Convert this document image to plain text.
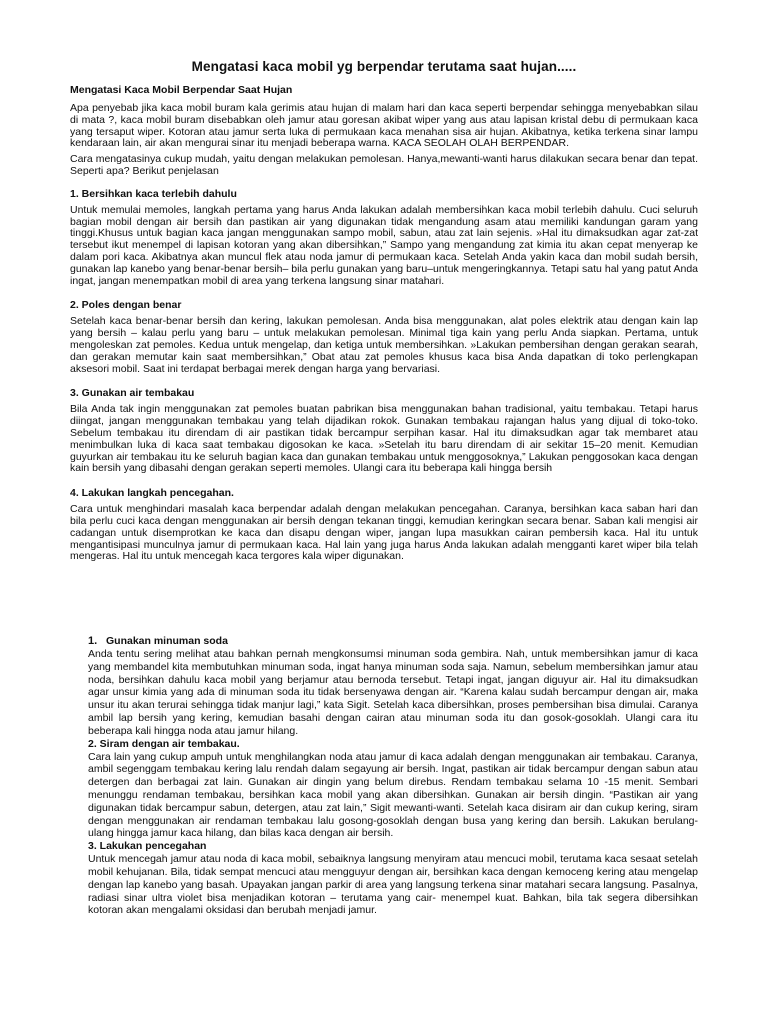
Mengatasi kaca mobil yg berpendar terutama saat hujan.....

Mengatasi Kaca Mobil Berpendar Saat Hujan

Apa penyebab jika kaca mobil buram kala gerimis atau hujan di malam hari dan kaca seperti berpendar sehingga menyebabkan silau di mata ?, kaca mobil buram disebabkan oleh jamur atau goresan akibat wiper yang aus atau lapisan kristal debu di permukaan kaca yang tersaput wiper. Kotoran atau jamur serta luka di permukaan kaca menahan sisa air hujan. Akibatnya, ketika terkena sinar lampu kendaraan lain, air akan mengurai sinar itu menjadi beberapa warna. KACA SEOLAH OLAH BERPENDAR.

Cara mengatasinya cukup mudah, yaitu dengan melakukan pemolesan. Hanya,mewanti-wanti harus dilakukan secara benar dan tepat. Seperti apa? Berikut penjelasan

1. Bersihkan kaca terlebih dahulu

Untuk memulai memoles, langkah pertama yang harus Anda lakukan adalah membersihkan kaca mobil terlebih dahulu. Cuci seluruh bagian mobil dengan air bersih dan pastikan air yang digunakan tidak mengandung asam atau memiliki kandungan garam yang tinggi.Khusus untuk bagian kaca jangan menggunakan sampo mobil, sabun, atau zat lain sejenis. »Hal itu dimaksudkan agar zat-zat tersebut ikut menempel di lapisan kotoran yang akan dibersihkan,” Sampo yang mengandung zat kimia itu akan cepat menyerap ke dalam pori kaca. Akibatnya akan muncul flek atau noda jamur di permukaan kaca. Setelah Anda yakin kaca dan mobil sudah bersih, gunakan lap kanebo yang benar-benar bersih– bila perlu gunakan yang baru–untuk mengeringkannya. Tetapi satu hal yang patut Anda ingat, jangan menempatkan mobil di area yang terkena langsung sinar matahari.

2. Poles dengan benar

Setelah kaca benar-benar bersih dan kering, lakukan pemolesan. Anda bisa menggunakan, alat poles elektrik atau dengan kain lap yang bersih – kalau perlu yang baru – untuk melakukan pemolesan. Minimal tiga kain yang perlu Anda siapkan. Pertama, untuk mengoleskan zat pemoles. Kedua untuk mengelap, dan ketiga untuk membersihkan. »Lakukan pembersihan dengan gerakan searah, dan gerakan memutar kain saat membersihkan,” Obat atau zat pemoles khusus kaca bisa Anda dapatkan di toko perlengkapan aksesori mobil. Saat ini terdapat berbagai merek dengan harga yang bervariasi.

3. Gunakan air tembakau

Bila Anda tak ingin menggunakan zat pemoles buatan pabrikan bisa menggunakan bahan tradisional, yaitu tembakau. Tetapi harus diingat, jangan menggunakan tembakau yang telah dijadikan rokok. Gunakan tembakau rajangan halus yang dijual di toko-toko. Sebelum tembakau itu direndam di air pastikan tidak bercampur serpihan kasar. Hal itu dimaksudkan agar tak membaret atau menimbulkan luka di kaca saat tembakau digosokan ke kaca. »Setelah itu baru direndam di air sekitar 15–20 menit. Kemudian guyurkan air tembakau itu ke seluruh bagian kaca dan gunakan tembakau untuk menggosoknya,” Lakukan penggosokan kaca dengan kain bersih yang dibasahi dengan gerakan seperti memoles. Ulangi cara itu beberapa kali hingga bersih

4. Lakukan langkah pencegahan.

Cara untuk menghindari masalah kaca berpendar adalah dengan melakukan pencegahan. Caranya, bersihkan kaca saban hari dan bila perlu cuci kaca dengan menggunakan air bersih dengan tekanan tinggi, kemudian keringkan secara benar. Saban kali mengisi air cadangan untuk disemprotkan ke kaca dan disapu dengan wiper, jangan lupa masukkan cairan pembersih kaca. Hal itu untuk mengantisipasi munculnya jamur di permukaan kaca. Hal lain yang juga harus Anda lakukan adalah mengganti karet wiper bila telah mengeras. Hal itu untuk mencegah kaca tergores kala wiper digunakan.

1. Gunakan minuman soda

Anda tentu sering melihat atau bahkan pernah mengkonsumsi minuman soda gembira. Nah, untuk membersihkan jamur di kaca yang membandel kita membutuhkan minuman soda, ingat hanya minuman soda saja. Namun, sebelum membersihkan jamur atau noda, bersihkan dahulu kaca mobil yang berjamur atau bernoda tersebut. Tetapi ingat, jangan diguyur air. Hal itu dimaksudkan agar unsur kimia yang ada di minuman soda itu tidak bersenyawa dengan air. “Karena kalau sudah bercampur dengan air, maka unsur itu akan terurai sehingga tidak manjur lagi,” kata Sigit. Setelah kaca dibersihkan, proses pembersihan bisa dimulai. Caranya ambil lap bersih yang kering, kemudian basahi dengan cairan atau minuman soda itu dan gosok-gosoklah. Ulangi cara itu beberapa kali hingga noda atau jamur hilang.

2. Siram dengan air tembakau.

Cara lain yang cukup ampuh untuk menghilangkan noda atau jamur di kaca adalah dengan menggunakan air tembakau. Caranya, ambil segenggam tembakau kering lalu rendah dalam segayung air bersih. Ingat, pastikan air tidak bercampur dengan sabun atau detergen dan berbagai zat lain. Gunakan air dingin yang belum direbus. Rendam tembakau selama 10 -15 menit. Sembari menunggu rendaman tembakau, bersihkan kaca mobil yang akan dibersihkan. Gunakan air bersih dingin. “Pastikan air yang digunakan tidak bercampur sabun, detergen, atau zat lain,” Sigit mewanti-wanti. Setelah kaca disiram air dan cukup kering, siram dengan menggunakan air rendaman tembakau lalu gosong-gosoklah dengan busa yang kering dan bersih. Lakukan berulang-ulang hingga jamur kaca hilang, dan bilas kaca dengan air bersih.

3. Lakukan pencegahan

Untuk mencegah jamur atau noda di kaca mobil, sebaiknya langsung menyiram atau mencuci mobil, terutama kaca sesaat setelah mobil kehujanan. Bila, tidak sempat mencuci atau mengguyur dengan air, bersihkan kaca dengan kemoceng kering atau mengelap dengan lap kanebo yang basah. Upayakan jangan parkir di area yang langsung terkena sinar matahari secara langsung. Pasalnya, radiasi sinar ultra violet bisa menjadikan kotoran – terutama yang cair- menempel kuat. Bahkan, bila tak segera dibersihkan kotoran akan mengalami oksidasi dan berubah menjadi jamur.
